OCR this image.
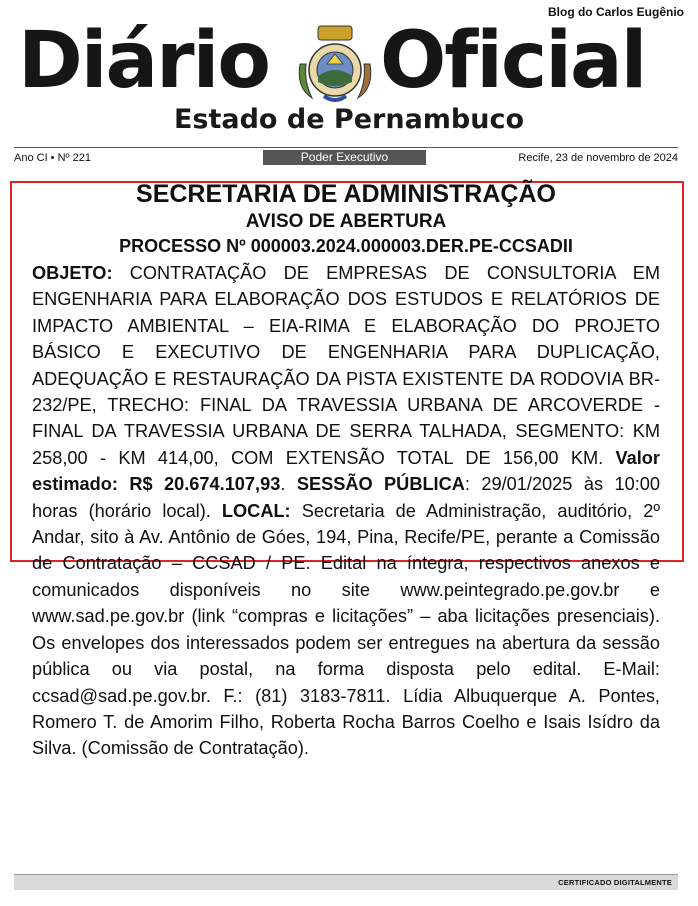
Blog do Carlos Eugênio
Diário Oficial
Estado de Pernambuco
Ano CI • Nº 221	Poder Executivo	Recife, 23 de novembro de 2024
SECRETARIA DE ADMINISTRAÇÃO
AVISO DE ABERTURA
PROCESSO Nº 000003.2024.000003.DER.PE-CCSADII
OBJETO: CONTRATAÇÃO DE EMPRESAS DE CONSULTORIA EM ENGENHARIA PARA ELABORAÇÃO DOS ESTUDOS E RELATÓRIOS DE IMPACTO AMBIENTAL – EIA-RIMA E ELABORAÇÃO DO PROJETO BÁSICO E EXECUTIVO DE ENGENHARIA PARA DUPLICAÇÃO, ADEQUAÇÃO E RESTAURAÇÃO DA PISTA EXISTENTE DA RODOVIA BR-232/PE, TRECHO: FINAL DA TRAVESSIA URBANA DE ARCOVERDE - FINAL DA TRAVESSIA URBANA DE SERRA TALHADA, SEGMENTO: KM 258,00 - KM 414,00, COM EXTENSÃO TOTAL DE 156,00 KM. Valor estimado: R$ 20.674.107,93. SESSÃO PÚBLICA: 29/01/2025 às 10:00 horas (horário local). LOCAL: Secretaria de Administração, auditório, 2º Andar, sito à Av. Antônio de Góes, 194, Pina, Recife/PE, perante a Comissão de Contratação – CCSAD / PE. Edital na íntegra, respectivos anexos e comunicados disponíveis no site www.peintegrado.pe.gov.br e www.sad.pe.gov.br (link “compras e licitações” – aba licitações presenciais). Os envelopes dos interessados podem ser entregues na abertura da sessão pública ou via postal, na forma disposta pelo edital. E-Mail: ccsad@sad.pe.gov.br. F.: (81) 3183-7811. Lídia Albuquerque A. Pontes, Romero T. de Amorim Filho, Roberta Rocha Barros Coelho e Isais Isídro da Silva. (Comissão de Contratação).
CERTIFICADO DIGITALMENTE
